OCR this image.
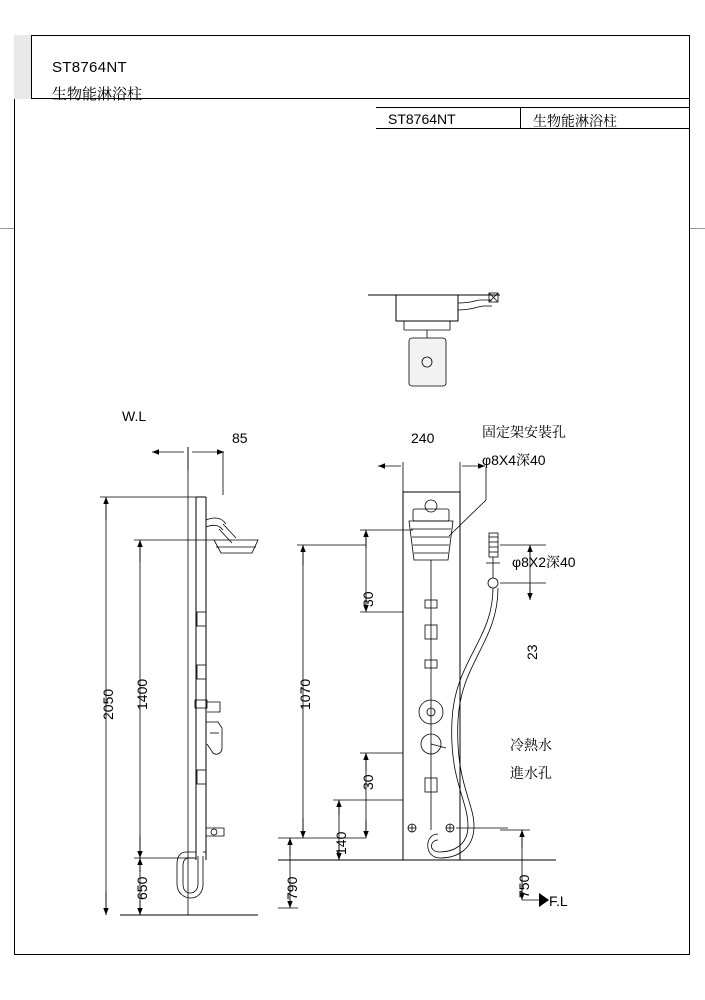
ST8764NT
生物能淋浴柱
ST8764NT	生物能淋浴柱
W.L
85
2050 1400
650
240
30
1070
30
140
790
23
750
F.L
固定架安裝孔
φ8X4深40
φ8X2深40
冷熱水
進水孔
